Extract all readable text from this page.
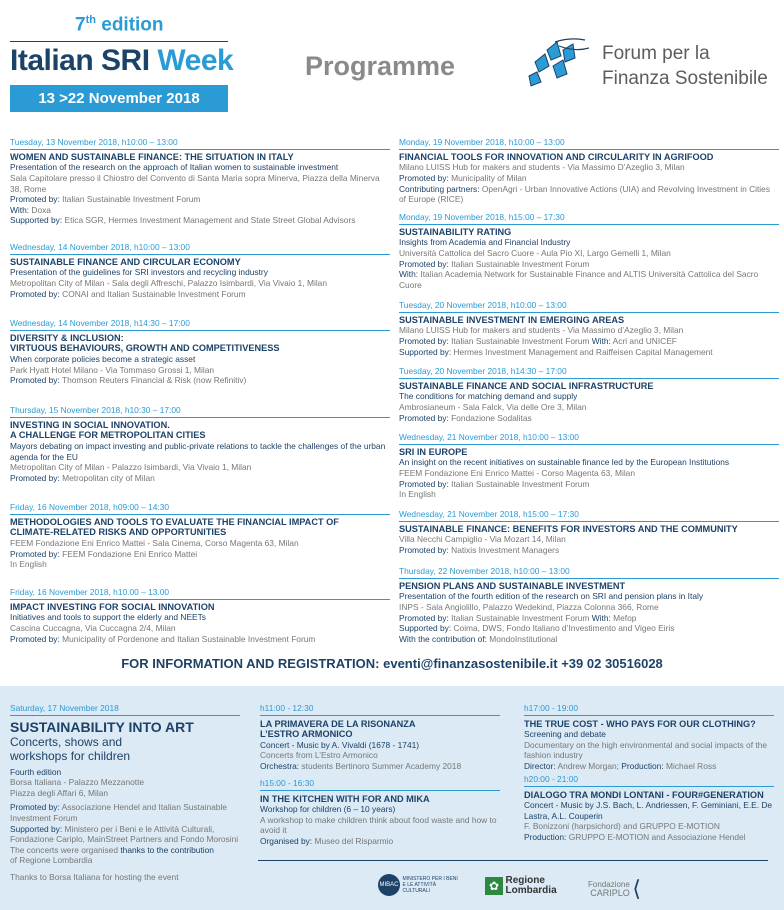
7th edition
Italian SRI Week
13 >22 November 2018
Programme	Forum per la
Finanza Sostenibile
Tuesday, 13 November 2018, h10:00 – 13:00
WOMEN AND SUSTAINABLE FINANCE: THE SITUATION IN ITALY
Presentation of the research on the approach of Italian women to sustainable investment
Sala Capitolare presso il Chiostro del Convento di Santa Maria sopra Minerva, Piazza della Minerva 38, Rome
Promoted by: Italian Sustainable Investment Forum
With: Doxa
Supported by: Etica SGR, Hermes Investment Management and State Street Global Advisors
Wednesday, 14 November 2018, h10:00 – 13:00
SUSTAINABLE FINANCE AND CIRCULAR ECONOMY
Presentation of the guidelines for SRI investors and recycling industry
Metropolitan City of Milan - Sala degli Affreschi, Palazzo Isimbardi, Via Vivaio 1, Milan
Promoted by: CONAI and Italian Sustainable Investment Forum
Wednesday, 14 November 2018, h14:30 – 17:00
DIVERSITY & INCLUSION:
VIRTUOUS BEHAVIOURS, GROWTH AND COMPETITIVENESS
When corporate policies become a strategic asset
Park Hyatt Hotel Milano - Via Tommaso Grossi 1, Milan
Promoted by: Thomson Reuters Financial & Risk (now Refinitiv)
Thursday, 15 November 2018, h10:30 – 17:00
INVESTING IN SOCIAL INNOVATION.
A CHALLENGE FOR METROPOLITAN CITIES
Mayors debating on impact investing and public-private relations to tackle the challenges of the urban agenda for the EU
Metropolitan City of Milan - Palazzo Isimbardi, Via Vivaio 1, Milan
Promoted by: Metropolitan city of Milan
Friday, 16 November 2018, h09:00 – 14:30
METHODOLOGIES AND TOOLS TO EVALUATE THE FINANCIAL IMPACT OF
CLIMATE-RELATED RISKS AND OPPORTUNITIES
FEEM Fondazione Eni Enrico Mattei - Sala Cinema, Corso Magenta 63, Milan
Promoted by: FEEM Fondazione Eni Enrico Mattei
In English
Friday, 16 November 2018, h10.00 – 13.00
IMPACT INVESTING FOR SOCIAL INNOVATION
Initiatives and tools to support the elderly and NEETs
Cascina Cuccagna, Via Cuccagna 2/4, Milan
Promoted by: Municipality of Pordenone and Italian Sustainable Investment Forum
Monday, 19 November 2018, h10:00 – 13:00
FINANCIAL TOOLS FOR INNOVATION AND CIRCULARITY IN AGRIFOOD
Milano LUISS Hub for makers and students - Via Massimo D’Azeglio 3, Milan
Promoted by: Municipality of Milan
Contributing partners: OpenAgri - Urban Innovative Actions (UIA) and Revolving Investment in Cities of Europe (RICE)
Monday, 19 November 2018, h15:00 – 17:30
SUSTAINABILITY RATING
Insights from Academia and Financial Industry
Università Cattolica del Sacro Cuore - Aula Pio XI, Largo Gemelli 1, Milan
Promoted by: Italian Sustainable Investment Forum
With: Italian Academia Network for Sustainable Finance and ALTIS Università Cattolica del Sacro Cuore
Tuesday, 20 November 2018, h10:00 – 13:00
SUSTAINABLE INVESTMENT IN EMERGING AREAS
Milano LUISS Hub for makers and students - Via Massimo d’Azeglio 3, Milan
Promoted by: Italian Sustainable Investment Forum With: Acri and UNICEF
Supported by: Hermes Investment Management and Raiffeisen Capital Management
Tuesday, 20 November 2018, h14:30 – 17:00
SUSTAINABLE FINANCE AND SOCIAL INFRASTRUCTURE
The conditions for matching demand and supply
Ambrosianeum - Sala Falck, Via delle Ore 3, Milan
Promoted by: Fondazione Sodalitas
Wednesday, 21 November 2018, h10:00 – 13:00
SRI IN EUROPE
An insight on the recent initiatives on sustainable finance led by the European Institutions
FEEM Fondazione Eni Enrico Mattei - Corso Magenta 63, Milan
Promoted by: Italian Sustainable Investment Forum
In English
Wednesday, 21 November 2018, h15:00 – 17:30
SUSTAINABLE FINANCE: BENEFITS FOR INVESTORS AND THE COMMUNITY
Villa Necchi Campiglio - Via Mozart 14, Milan
Promoted by: Natixis Investment Managers
Thursday, 22 November 2018, h10:00 – 13:00
PENSION PLANS AND SUSTAINABLE INVESTMENT
Presentation of the fourth edition of the research on SRI and pension plans in Italy
INPS - Sala Angiolillo, Palazzo Wedekind, Piazza Colonna 366, Rome
Promoted by: Italian Sustainable Investment Forum With: Mefop
Supported by: Coima, DWS, Fondo Italiano d’Investimento and Vigeo Eiris
With the contribution of: MondoInstitutional
FOR INFORMATION AND REGISTRATION: eventi@finanzasostenibile.it +39 02 30516028
Saturday, 17 November 2018
SUSTAINABILITY INTO ART
Concerts, shows and workshops for children
Fourth edition
Borsa Italiana - Palazzo Mezzanotte
Piazza degli Affari 6, Milan
Promoted by: Associazione Hendel and Italian Sustainable Investment Forum
Supported by: Ministero per i Beni e le Attività Culturali, Fondazione Cariplo, MainStreet Partners and Fondo Morosini
The concerts were organised thanks to the contribution
of Regione Lombardia
Thanks to Borsa Italiana for hosting the event
h11:00 - 12:30
LA PRIMAVERA DE LA RISONANZA
L’ESTRO ARMONICO
Concert - Music by A. Vivaldi (1678 - 1741)
Concerts from L’Estro Armonico
Orchestra: students Bertinoro Summer Academy 2018
h15:00 - 16:30
IN THE KITCHEN WITH FOR AND MIKA
Workshop for children (6 – 10 years)
A workshop to make children think about food waste and how to avoid it
Organised by: Museo del Risparmio
h17:00 - 19:00
THE TRUE COST - WHO PAYS FOR OUR CLOTHING?
Screening and debate
Documentary on the high environmental and social impacts of the fashion industry
Director: Andrew Morgan; Production: Michael Ross
h20:00 - 21:00
DIALOGO TRA MONDI LONTANI - FOUR#GENERATION
Concert - Music by J.S. Bach, L. Andriessen, F. Geminiani, E.E. De Lastra, A.L. Couperin
F. Bonizzoni (harpsichord) and GRUPPO E-MOTION
Production: GRUPPO E-MOTION and Associazione Hendel
MIBAC MINISTERO PER I BENI E LE ATTIVITÀ CULTURALI	✿ Regione
Lombardia
Fondazione
CARIPLO ⟨
